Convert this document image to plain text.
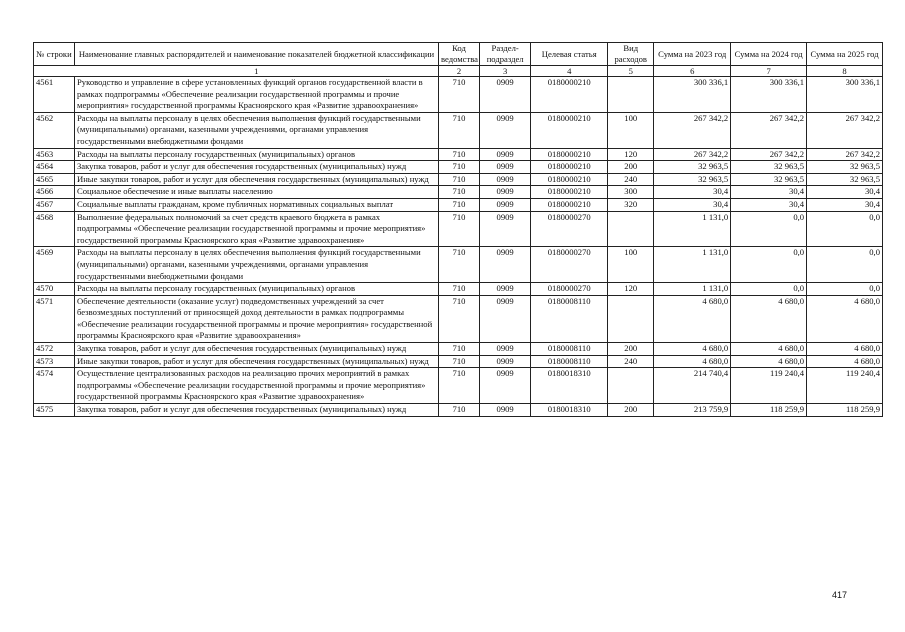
№ строки	Наименование главных распорядителей и наименование показателей бюджетной классификации	Код ведомства	Раздел-подраздел	Целевая статья	Вид расходов	Сумма на 2023 год	Сумма на 2024 год	Сумма на 2025 год
	1	2	3	4	5	6	7	8
4561	Руководство и управление в сфере установленных функций органов государственной власти в рамках подпрограммы «Обеспечение реализации государственной программы и прочие мероприятия» государственной программы Красноярского края «Развитие здравоохранения»	710	0909	0180000210		300 336,1	300 336,1	300 336,1
4562	Расходы на выплаты персоналу в целях обеспечения выполнения функций государственными (муниципальными) органами, казенными учреждениями, органами управления государственными внебюджетными фондами	710	0909	0180000210	100	267 342,2	267 342,2	267 342,2
4563	Расходы на выплаты персоналу государственных (муниципальных) органов	710	0909	0180000210	120	267 342,2	267 342,2	267 342,2
4564	Закупка товаров, работ и услуг для обеспечения государственных (муниципальных) нужд	710	0909	0180000210	200	32 963,5	32 963,5	32 963,5
4565	Иные закупки товаров, работ и услуг для обеспечения государственных (муниципальных) нужд	710	0909	0180000210	240	32 963,5	32 963,5	32 963,5
4566	Социальное обеспечение и иные выплаты населению	710	0909	0180000210	300	30,4	30,4	30,4
4567	Социальные выплаты гражданам, кроме публичных нормативных социальных выплат	710	0909	0180000210	320	30,4	30,4	30,4
4568	Выполнение федеральных полномочий за счет средств краевого бюджета в рамках подпрограммы «Обеспечение реализации государственной программы и прочие мероприятия» государственной программы Красноярского края «Развитие здравоохранения»	710	0909	0180000270		1 131,0	0,0	0,0
4569	Расходы на выплаты персоналу в целях обеспечения выполнения функций государственными (муниципальными) органами, казенными учреждениями, органами управления государственными внебюджетными фондами	710	0909	0180000270	100	1 131,0	0,0	0,0
4570	Расходы на выплаты персоналу государственных (муниципальных) органов	710	0909	0180000270	120	1 131,0	0,0	0,0
4571	Обеспечение деятельности (оказание услуг) подведомственных учреждений за счет безвозмездных поступлений от приносящей доход деятельности в рамках подпрограммы «Обеспечение реализации государственной программы и прочие мероприятия» государственной программы Красноярского края «Развитие здравоохранения»	710	0909	0180008110		4 680,0	4 680,0	4 680,0
4572	Закупка товаров, работ и услуг для обеспечения государственных (муниципальных) нужд	710	0909	0180008110	200	4 680,0	4 680,0	4 680,0
4573	Иные закупки товаров, работ и услуг для обеспечения государственных (муниципальных) нужд	710	0909	0180008110	240	4 680,0	4 680,0	4 680,0
4574	Осуществление централизованных расходов на реализацию прочих мероприятий в рамках подпрограммы «Обеспечение реализации государственной программы и прочие мероприятия» государственной программы Красноярского края «Развитие здравоохранения»	710	0909	0180018310		214 740,4	119 240,4	119 240,4
4575	Закупка товаров, работ и услуг для обеспечения государственных (муниципальных) нужд	710	0909	0180018310	200	213 759,9	118 259,9	118 259,9
417
